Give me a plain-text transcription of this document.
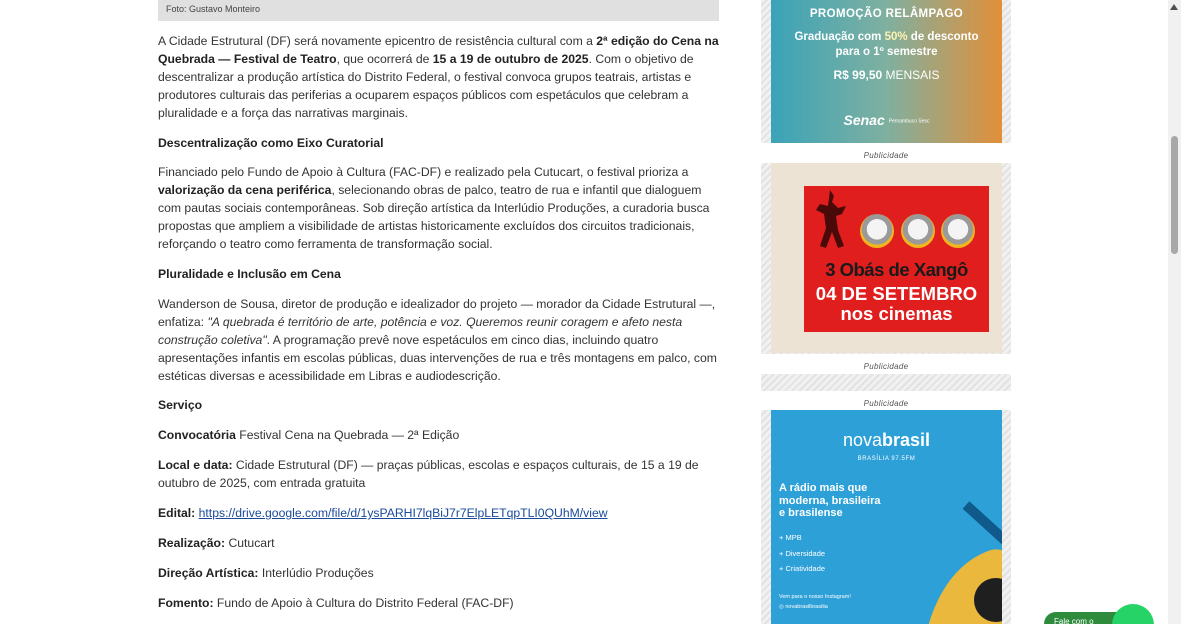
Foto: Gustavo Monteiro

A Cidade Estrutural (DF) será novamente epicentro de resistência cultural com a 2ª edição do Cena na Quebrada — Festival de Teatro, que ocorrerá de 15 a 19 de outubro de 2025. Com o objetivo de descentralizar a produção artística do Distrito Federal, o festival convoca grupos teatrais, artistas e produtores culturais das periferias a ocuparem espaços públicos com espetáculos que celebram a pluralidade e a força das narrativas marginais.

Descentralização como Eixo Curatorial

Financiado pelo Fundo de Apoio à Cultura (FAC-DF) e realizado pela Cutucart, o festival prioriza a valorização da cena periférica, selecionando obras de palco, teatro de rua e infantil que dialoguem com pautas sociais contemporâneas. Sob direção artística da Interlúdio Produções, a curadoria busca propostas que ampliem a visibilidade de artistas historicamente excluídos dos circuitos tradicionais, reforçando o teatro como ferramenta de transformação social.

Pluralidade e Inclusão em Cena

Wanderson de Sousa, diretor de produção e idealizador do projeto — morador da Cidade Estrutural —, enfatiza: "A quebrada é território de arte, potência e voz. Queremos reunir coragem e afeto nesta construção coletiva". A programação prevê nove espetáculos em cinco dias, incluindo quatro apresentações infantis em escolas públicas, duas intervenções de rua e três montagens em palco, com estéticas diversas e acessibilidade em Libras e audiodescrição.

Serviço

Convocatória Festival Cena na Quebrada — 2ª Edição

Local e data: Cidade Estrutural (DF) — praças públicas, escolas e espaços culturais, de 15 a 19 de outubro de 2025, com entrada gratuita

Edital: https://drive.google.com/file/d/1ysPARHI7lqBiJ7r7ElpLETqpTLI0QUhM/view

Realização: Cutucart

Direção Artística: Interlúdio Produções

Fomento: Fundo de Apoio à Cultura do Distrito Federal (FAC-DF)

PROMOÇÃO RELÂMPAGO
Graduação com 50% de desconto
para o 1º semestre
R$ 99,50 MENSAIS
Senac Pernambuco Sesc
Publicidade
3 Obás de Xangô
04 DE SETEMBRO
nos cinemas
Publicidade
Publicidade
novabrasil
BRASÍLIA 97.5FM
A rádio mais que
moderna, brasileira
e brasilense
+ MPB
+ Diversidade
+ Criatividade
Vem para o nosso Instagram!
◎ novabrasilbrasilia
Fale com o
